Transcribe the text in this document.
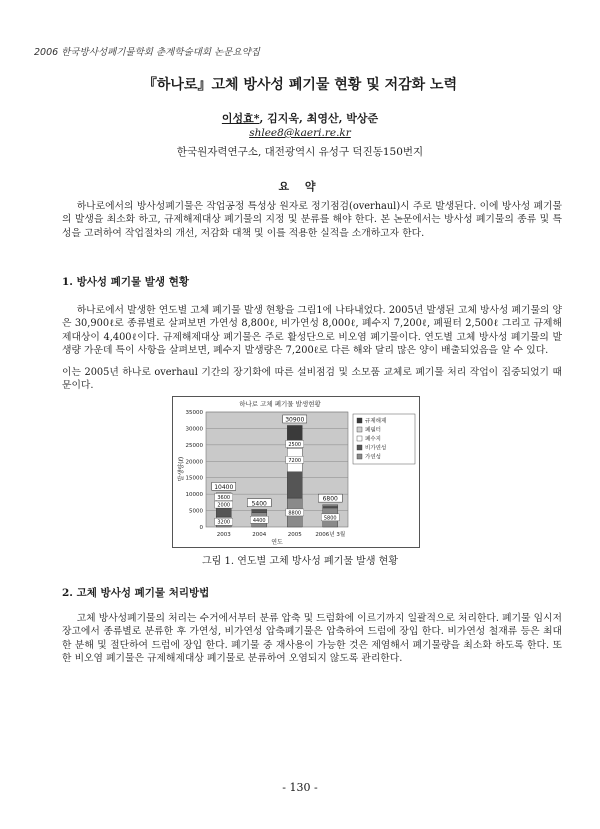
2006 한국방사성폐기물학회 춘계학술대회 논문요약집
『하나로』고체 방사성 폐기물 현황 및 저감화 노력
이성효*, 김지욱, 최영산, 박상준
shlee8@kaeri.re.kr
한국원자력연구소, 대전광역시 유성구 덕진동150번지
요 약
하나로에서의 방사성폐기물은 작업공정 특성상 원자로 정기점검(overhaul)시 주로 발생된다. 이에 방사성 폐기물의 발생을 최소화 하고, 규제해제대상 폐기물의 지정 및 분류를 해야 한다. 본 논문에서는 방사성 폐기물의 종류 및 특성을 고려하여 작업절차의 개선, 저감화 대책 및 이를 적용한 실적을 소개하고자 한다.
1. 방사성 폐기물 발생 현황
하나로에서 발생한 연도별 고체 폐기물 발생 현황을 그림1에 나타내었다. 2005년 발생된 고체 방사성 폐기물의 양은 30,900ℓ로 종류별로 살펴보면 가연성 8,800ℓ, 비가연성 8,000ℓ, 폐수지 7,200ℓ, 폐필터 2,500ℓ 그리고 규제해제대상이 4,400ℓ이다. 규제해제대상 폐기물은 주로 활성단으로 비오염 폐기물이다. 연도별 고체 방사성 폐기물의 발생량 가운데 특이 사항을 살펴보면, 폐수지 발생량은 7,200ℓ로 다른 해와 달리 많은 양이 배출되었음을 알 수 있다.
이는 2005년 하나로 overhaul 기간의 장기화에 따른 설비점검 및 소모품 교체로 폐기물 처리 작업이 집중되었기 때문이다.
하나로 고체 폐기물 발생현황
0
5000
10000
15000
20000
25000
30000
35000
3200
2000
3600
10400
2003
4400
5400
2004
8800
7200
2500
30900
2005
5800
6800
2006년 3월
연도
발생량(ℓ)
규제해제
폐필터
폐수지
비가연성
가연성
그림 1. 연도별 고체 방사성 폐기물 발생 현황
2. 고체 방사성 폐기물 처리방법
고체 방사성폐기물의 처리는 수거에서부터 분류 압축 및 드럼화에 이르기까지 일괄적으로 처리한다. 폐기물 임시저장고에서 종류별로 분류한 후 가연성, 비가연성 압축폐기물은 압축하여 드럼에 장입 한다. 비가연성 철재류 등은 최대한 분해 및 절단하여 드럼에 장입 한다. 폐기물 중 재사용이 가능한 것은 제염해서 폐기물량을 최소화 하도록 한다. 또한 비오염 폐기물은 규제해제대상 폐기물로 분류하여 오염되지 않도록 관리한다.
- 130 -
